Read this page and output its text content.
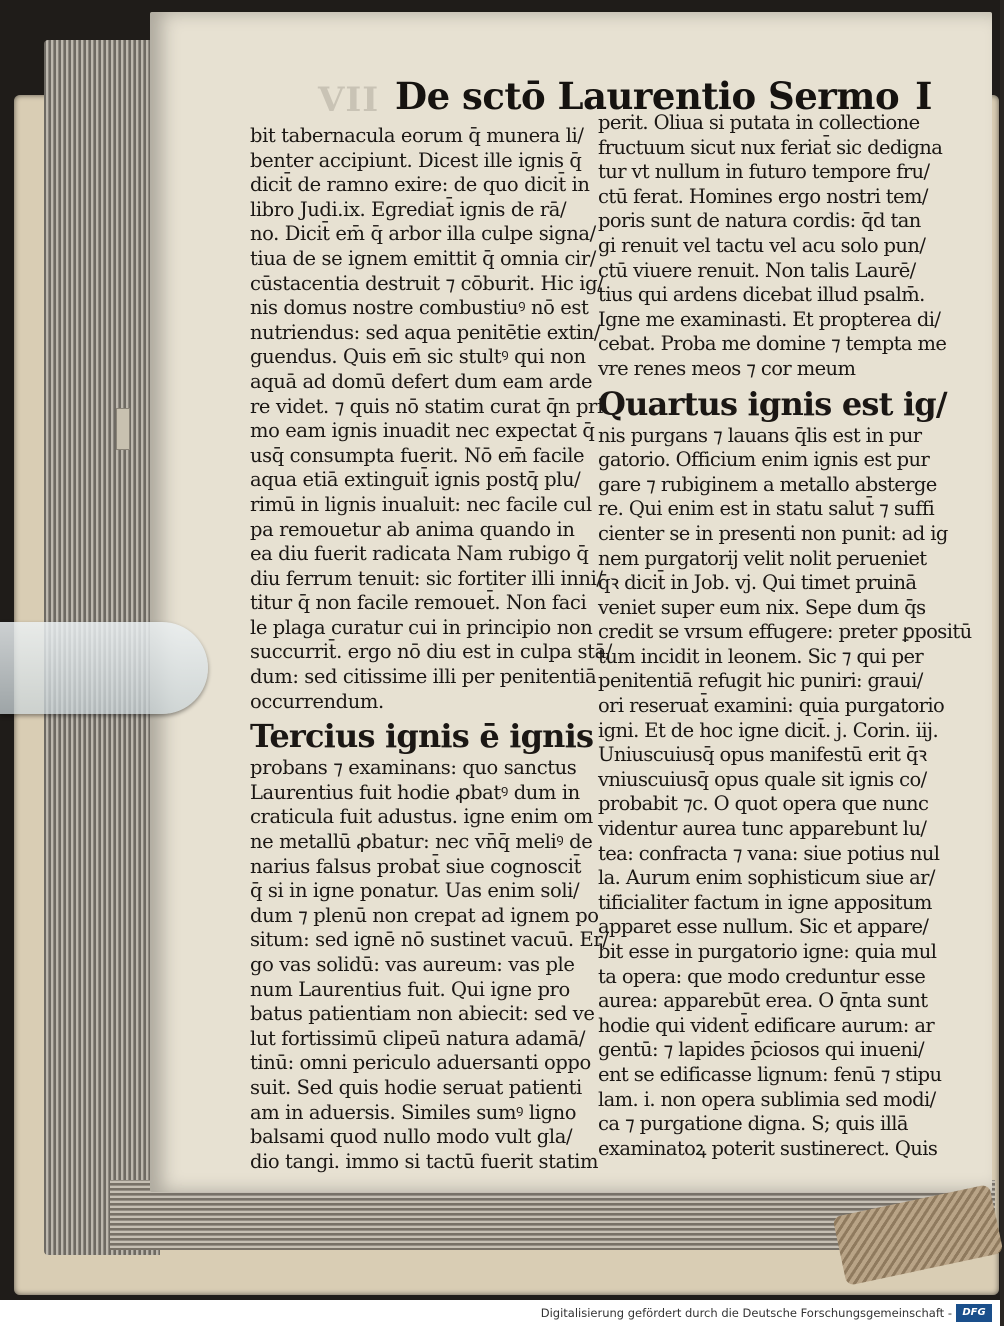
VII De sctō Laurentio Sermo I
bit tabernacula eorum q̄ munera li/
benter accipiunt. Dicest ille ignis q̄
dicit̄ de ramno exire: de quo dicit̄ in
libro Judi.ix. Egrediat̄ ignis de rā/
no. Dicit̄ em̄ q̄ arbor illa culpe signa/
tiua de se ignem emittit q̄ omnia cir/
cūstacentia destruit ⁊ cōburit. Hic ig/
nis domus nostre combustiuꝰ nō est
nutriendus: sed aqua penitētie extin/
guendus. Quis em̄ sic stultꝰ qui non
aquā ad domū defert dum eam arde
re videt. ⁊ quis nō statim curat q̄n pri
mo eam ignis inuadit nec expectat q̄
usq̄ consumpta fuerit. Nō em̄ facile
aqua etiā extinguit̄ ignis postq̄ plu/
rimū in lignis inualuit: nec facile cul
pa remouetur ab anima quando in
ea diu fuerit radicata Nam rubigo q̄
diu ferrum tenuit: sic fortiter illi inni/
titur q̄ non facile remouet̄. Non faci
le plaga curatur cui in principio non
succurrit̄. ergo nō diu est in culpa stā/
dum: sed citissime illi per penitentiā
occurrendum.
Tercius ignis ē ignis
probans ⁊ examinans: quo sanctus
Laurentius fuit hodie ꝓbatꝰ dum in
craticula fuit adustus. igne enim om
ne metallū ꝓbatur: nec vn̄q̄ meliꝰ de
narius falsus probat̄ siue cognoscit̄
q̄ si in igne ponatur. Uas enim soli/
dum ⁊ plenū non crepat ad ignem po
situm: sed ignē nō sustinet vacuū. Er/
go vas solidū: vas aureum: vas ple
num Laurentius fuit. Qui igne pro
batus patientiam non abiecit: sed ve
lut fortissimū clipeū natura adamā/
tinū: omni periculo aduersanti oppo
suit. Sed quis hodie seruat patienti
am in aduersis. Similes sumꝰ ligno
balsami quod nullo modo vult gla/
dio tangi. immo si tactū fuerit statim
perit. Oliua si putata in collectione
fructuum sicut nux feriat̄ sic dedigna
tur vt nullum in futuro tempore fru/
ctū ferat. Homines ergo nostri tem/
poris sunt de natura cordis: q̄d tan
gi renuit vel tactu vel acu solo pun/
ctū viuere renuit. Non talis Laurē/
tius qui ardens dicebat illud psalm̄.
Igne me examinasti. Et propterea di/
cebat. Proba me domine ⁊ tempta me
vre renes meos ⁊ cor meum
Quartus ignis est ig/
nis purgans ⁊ lauans q̄lis est in pur
gatorio. Officium enim ignis est pur
gare ⁊ rubiginem a metallo absterge
re. Qui enim est in statu salut̄ ⁊ suffi
cienter se in presenti non punit: ad ig
nem purgatorij velit nolit perueniet
q̄ꝛ dicit̄ in Job. vj. Qui timet pruinā
veniet super eum nix. Sepe dum q̄s
credit se vrsum effugere: preter ꝑpositū
tum incidit in leonem. Sic ⁊ qui per
penitentiā refugit hic puniri: graui/
ori reseruat̄ examini: quia purgatorio
igni. Et de hoc igne dicit̄. j. Corin. iij.
Uniuscuiusq̄ opus manifestū erit q̄ꝛ
vniuscuiusq̄ opus quale sit ignis co/
probabit ⁊c. O quot opera que nunc
videntur aurea tunc apparebunt lu/
tea: confracta ⁊ vana: siue potius nul
la. Aurum enim sophisticum siue ar/
tificialiter factum in igne appositum
apparet esse nullum. Sic et appare/
bit esse in purgatorio igne: quia mul
ta opera: que modo creduntur esse
aurea: apparebūt erea. O q̄nta sunt
hodie qui vident̄ edificare aurum: ar
gentū: ⁊ lapides p̄ciosos qui inueni/
ent se edificasse lignum: fenū ⁊ stipu
lam. i. non opera sublimia sed modi/
ca ⁊ purgatione digna. S; quis illā
examinatoꝝ poterit sustinerect. Quis
Digitalisierung gefördert durch die Deutsche Forschungsgemeinschaft -	DFG
